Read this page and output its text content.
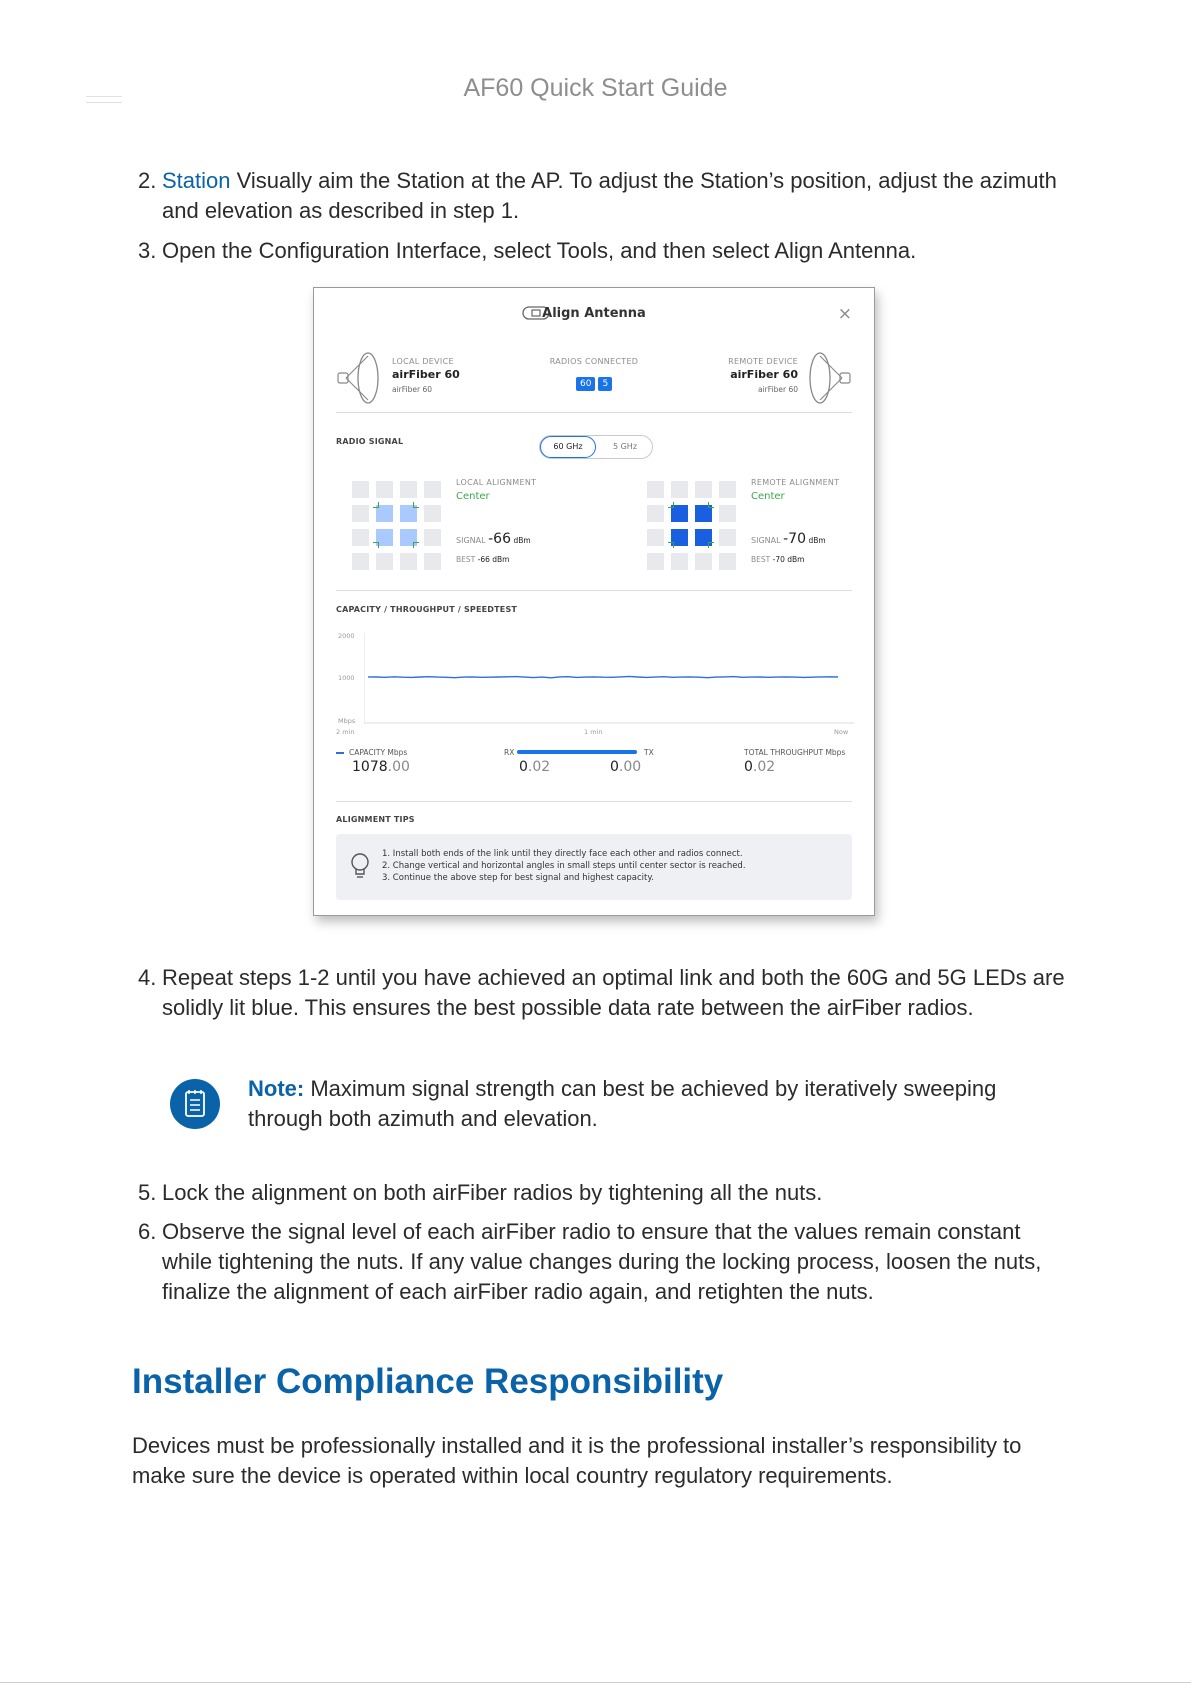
AF60 Quick Start Guide
2. Station Visually aim the Station at the AP. To adjust the Station’s position, adjust the azimuth and elevation as described in step 1.
3. Open the Configuration Interface, select Tools, and then select Align Antenna.
Align Antenna	×
LOCAL DEVICE
airFiber 60
airFiber 60
RADIOS CONNECTED
60 5
REMOTE DEVICE
airFiber 60
airFiber 60
RADIO SIGNAL
60 GHz	5 GHz
LOCAL ALIGNMENT
Center
SIGNAL -66 dBm
BEST -66 dBm
REMOTE ALIGNMENT
Center
SIGNAL -70 dBm
BEST -70 dBm
CAPACITY / THROUGHPUT / SPEEDTEST
2000
1000
Mbps
2 min	1 min	Now
CAPACITY Mbps
1078.00
RX	TX
0.02	0.00
TOTAL THROUGHPUT Mbps
0.02
ALIGNMENT TIPS
1. Install both ends of the link until they directly face each other and radios connect.
2. Change vertical and horizontal angles in small steps until center sector is reached.
3. Continue the above step for best signal and highest capacity.
4. Repeat steps 1-2 until you have achieved an optimal link and both the 60G and 5G LEDs are solidly lit blue. This ensures the best possible data rate between the airFiber radios.
Note: Maximum signal strength can best be achieved by iteratively sweeping through both azimuth and elevation.
5. Lock the alignment on both airFiber radios by tightening all the nuts.
6. Observe the signal level of each airFiber radio to ensure that the values remain constant while tightening the nuts. If any value changes during the locking process, loosen the nuts, finalize the alignment of each airFiber radio again, and retighten the nuts.
Installer Compliance Responsibility
Devices must be professionally installed and it is the professional installer’s responsibility to make sure the device is operated within local country regulatory requirements.
